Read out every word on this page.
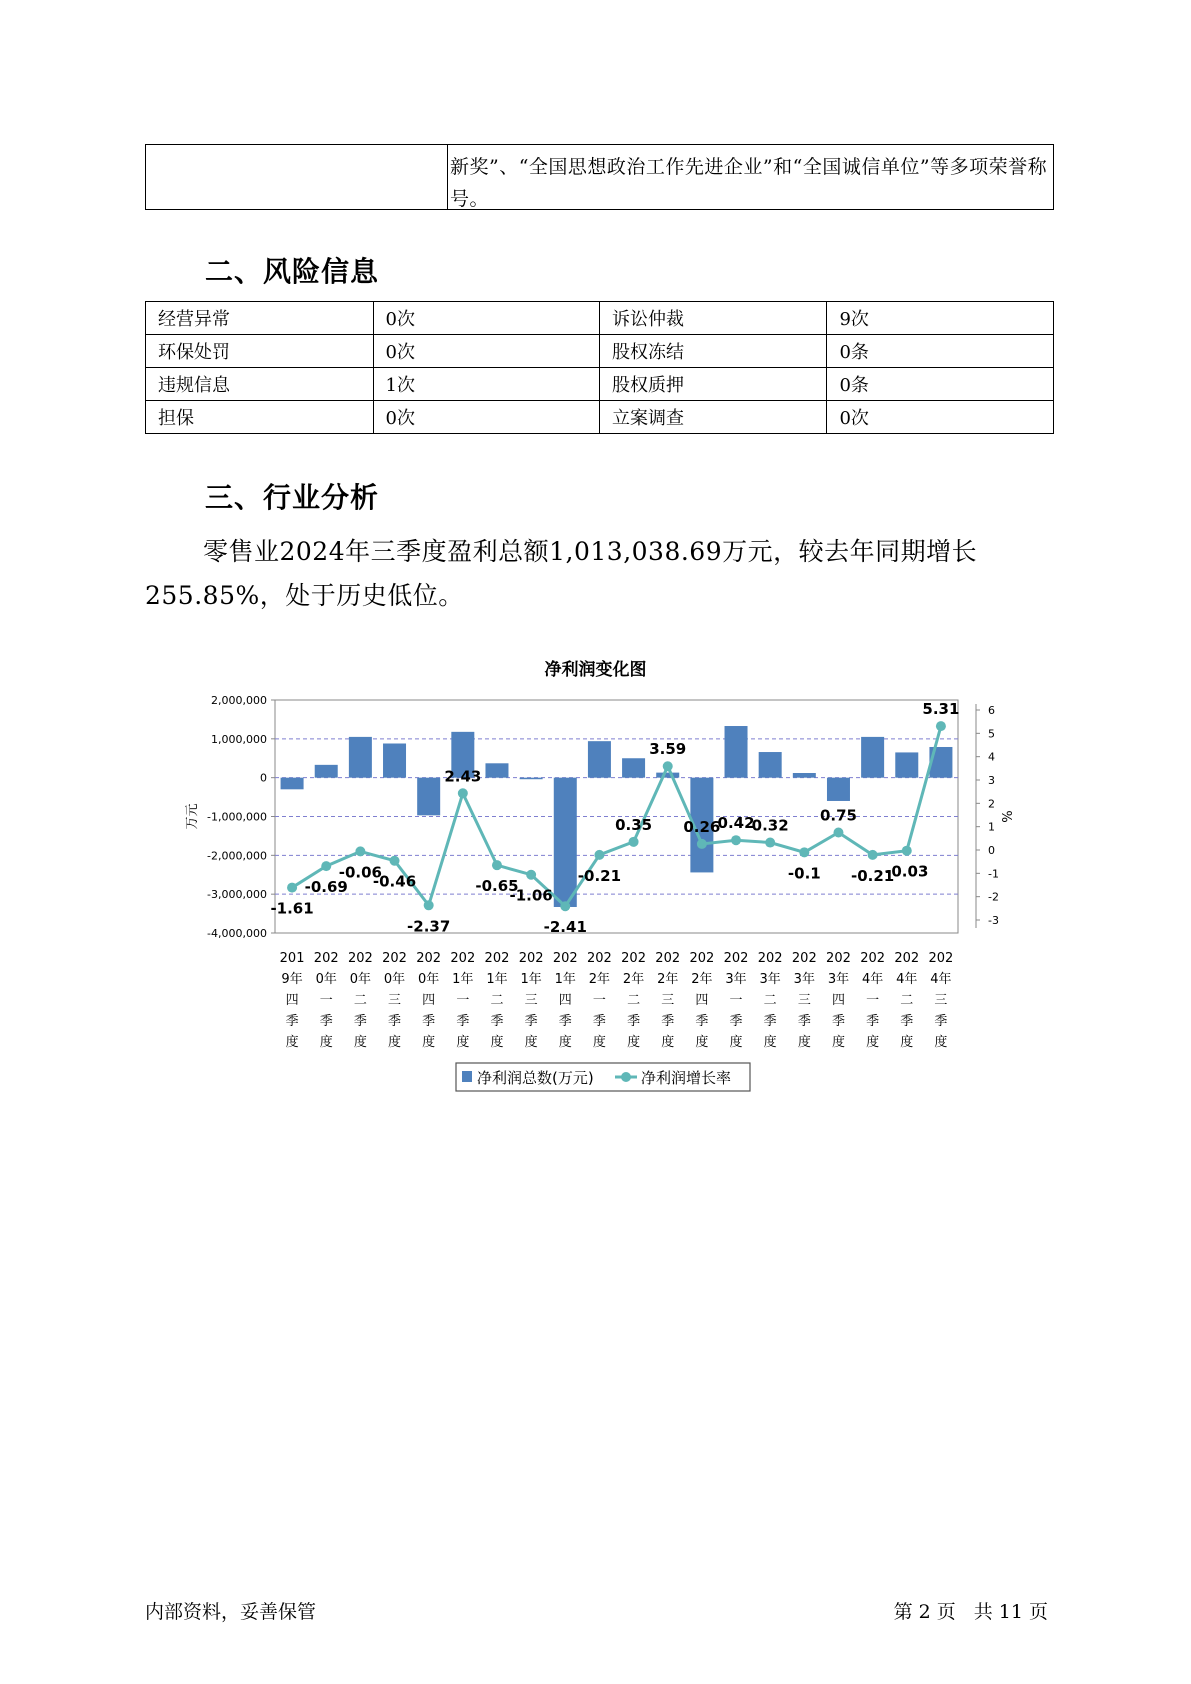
新奖”、“全国思想政治工作先进企业”和“全国诚信单位”等多项荣誉称号。
二、风险信息
经营异常	0次	诉讼仲裁	9次
环保处罚	0次	股权冻结	0条
违规信息	1次	股权质押	0条
担保	0次	立案调查	0次
三、行业分析
零售业2024年三季度盈利总额1,013,038.69万元，较去年同期增长255.85%，处于历史低位。
净利润变化图
2,000,000
1,000,000
0
-1,000,000
-2,000,000
-3,000,000
-4,000,000
6
5
4
3
2
1
0
-1
-2
-3
万元	%
201
9年
四
季
度
202
0年
一
季
度
202
0年
二
季
度
202
0年
三
季
度
202
0年
四
季
度
202
1年
一
季
度
202
1年
二
季
度
202
1年
三
季
度
202
1年
四
季
度
202
2年
一
季
度
202
2年
二
季
度
202
2年
三
季
度
202
2年
四
季
度
202
3年
一
季
度
202
3年
二
季
度
202
3年
三
季
度
202
3年
四
季
度
202
4年
一
季
度
202
4年
二
季
度
202
4年
三
季
度
-1.61
-0.69
-0.06
-0.46
-2.37
2.43
-0.65
-1.06
-2.41
-0.21
0.35
3.59
0.26
0.42
0.32
-0.1
0.75
-0.21
-0.03
5.31
净利润总数(万元)	净利润增长率
内部资料，妥善保管	第 2 页 共 11 页
